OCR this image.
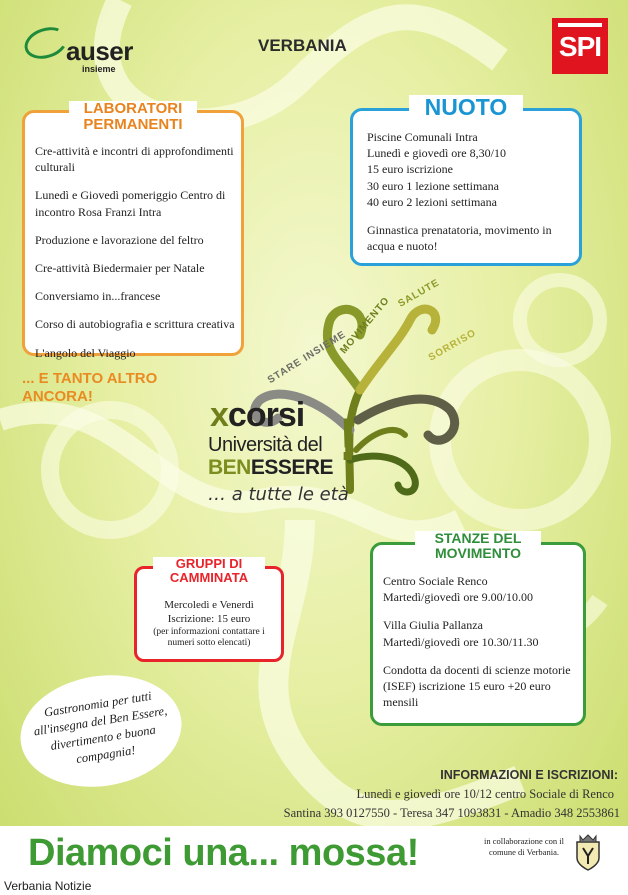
auser
insieme
VERBANIA	SPI
LABORATORI PERMANENTI

Cre-attività e incontri di approfondimenti culturali

Lunedì e Giovedì pomeriggio Centro di incontro Rosa Franzi Intra

Produzione e lavorazione del feltro

Cre-attività Biedermaier per Natale

Conversiamo in...francese

Corso di autobiografia e scrittura creativa

L'angolo del Viaggio

... E TANTO ALTRO ANCORA!
NUOTO

Piscine Comunali Intra

Lunedì e giovedì ore 8,30/10

15 euro iscrizione

30 euro 1 lezione settimana

40 euro 2 lezioni settimana

Ginnastica prenatatoria, movimento in acqua e nuoto!

STARE INSIEME
MOVIMENTO
SALUTE
SORRISO
xcorsi
Università del
BENESSERE !
… a tutte le età
GRUPPI DI CAMMINATA

Mercoledì e Venerdì

Iscrizione: 15 euro

(per informazioni contattare i numeri sotto elencati)

STANZE DEL MOVIMENTO

Centro Sociale Renco

Martedì/giovedì ore 9.00/10.00

Villa Giulia Pallanza

Martedì/giovedì ore 10.30/11.30

Condotta da docenti di scienze motorie (ISEF) iscrizione 15 euro +20 euro mensili

Gastronomia per tutti all'insegna del Ben Essere, divertimento e buona compagnia!
INFORMAZIONI E ISCRIZIONI:
Lunedì e giovedì ore 10/12 centro Sociale di Renco
Santina 393 0127550 - Teresa 347 1093831 - Amadio 348 2553861
Diamoci una... mossa!	in collaborazione con il comune di Verbania.
Verbania Notizie
